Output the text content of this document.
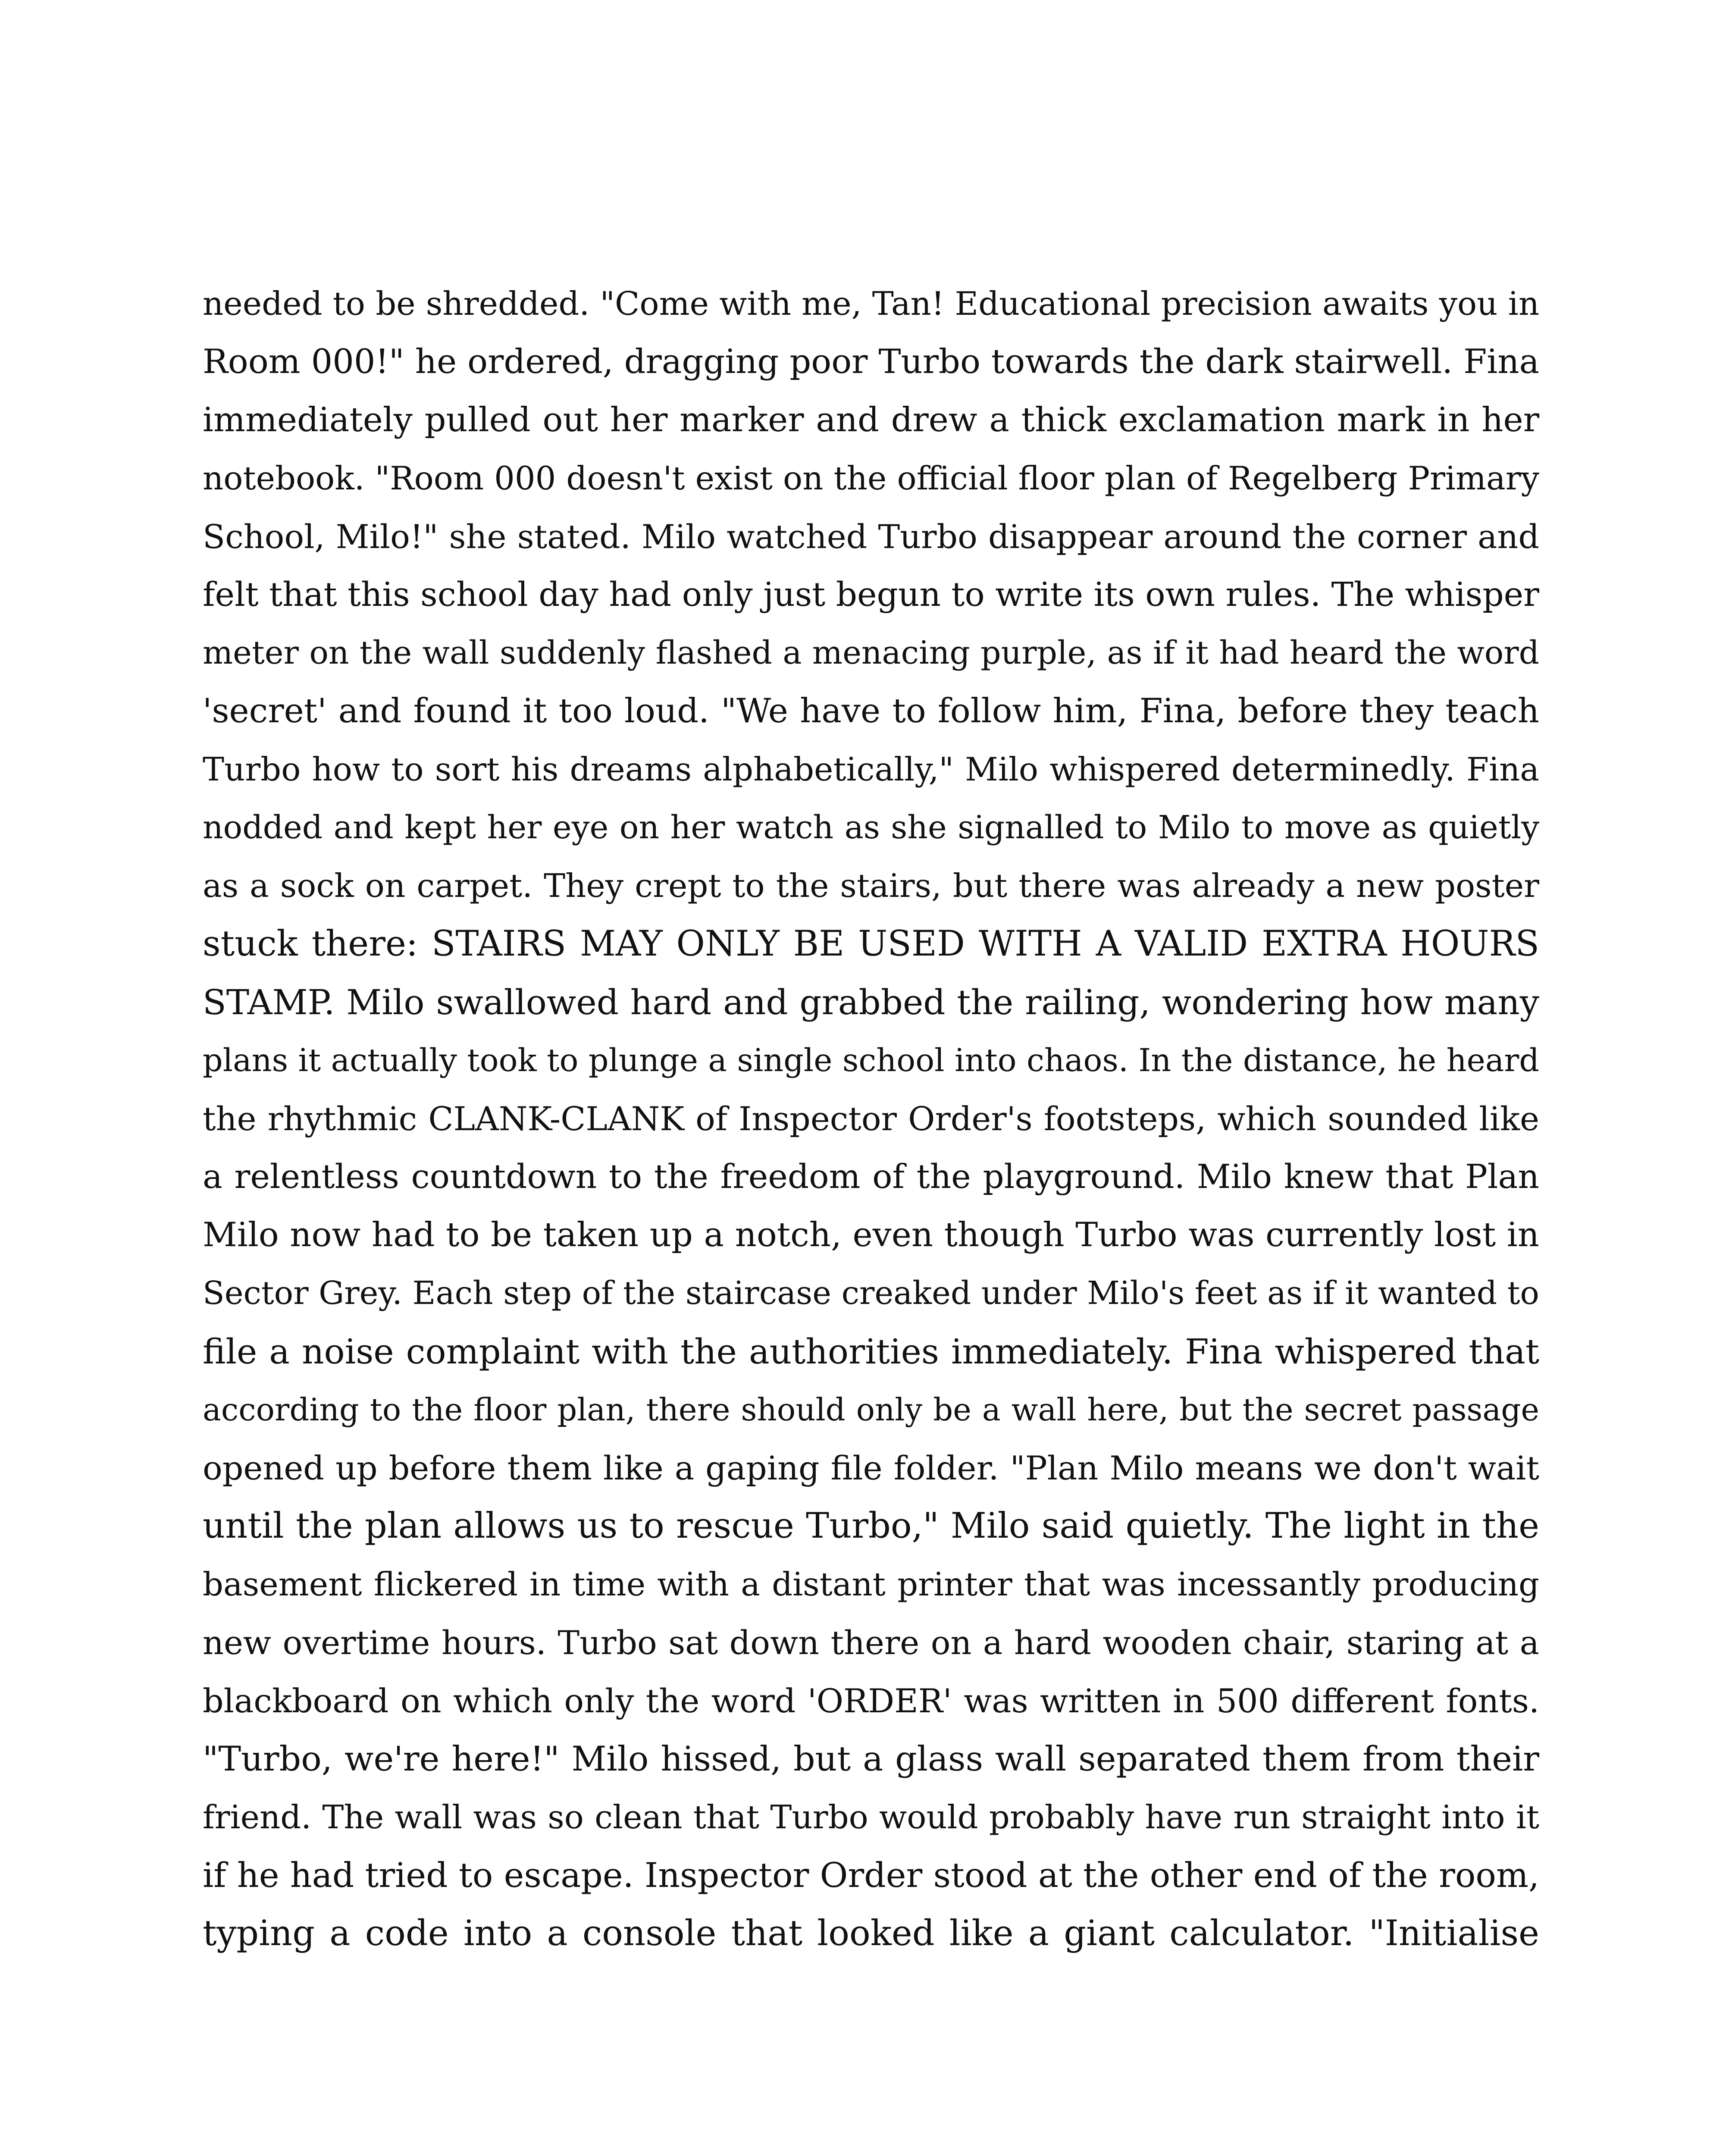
needed to be shredded. "Come with me, Tan! Educational precision awaits you in
Room 000!" he ordered, dragging poor Turbo towards the dark stairwell. Fina
immediately pulled out her marker and drew a thick exclamation mark in her
notebook. "Room 000 doesn't exist on the official floor plan of Regelberg Primary
School, Milo!" she stated. Milo watched Turbo disappear around the corner and
felt that this school day had only just begun to write its own rules. The whisper
meter on the wall suddenly flashed a menacing purple, as if it had heard the word
'secret' and found it too loud. "We have to follow him, Fina, before they teach
Turbo how to sort his dreams alphabetically," Milo whispered determinedly. Fina
nodded and kept her eye on her watch as she signalled to Milo to move as quietly
as a sock on carpet. They crept to the stairs, but there was already a new poster
stuck there: STAIRS MAY ONLY BE USED WITH A VALID EXTRA HOURS
STAMP. Milo swallowed hard and grabbed the railing, wondering how many
plans it actually took to plunge a single school into chaos. In the distance, he heard
the rhythmic CLANK-CLANK of Inspector Order's footsteps, which sounded like
a relentless countdown to the freedom of the playground. Milo knew that Plan
Milo now had to be taken up a notch, even though Turbo was currently lost in
Sector Grey. Each step of the staircase creaked under Milo's feet as if it wanted to
file a noise complaint with the authorities immediately. Fina whispered that
according to the floor plan, there should only be a wall here, but the secret passage
opened up before them like a gaping file folder. "Plan Milo means we don't wait
until the plan allows us to rescue Turbo," Milo said quietly. The light in the
basement flickered in time with a distant printer that was incessantly producing
new overtime hours. Turbo sat down there on a hard wooden chair, staring at a
blackboard on which only the word 'ORDER' was written in 500 different fonts.
"Turbo, we're here!" Milo hissed, but a glass wall separated them from their
friend. The wall was so clean that Turbo would probably have run straight into it
if he had tried to escape. Inspector Order stood at the other end of the room,
typing a code into a console that looked like a giant calculator. "Initialise
